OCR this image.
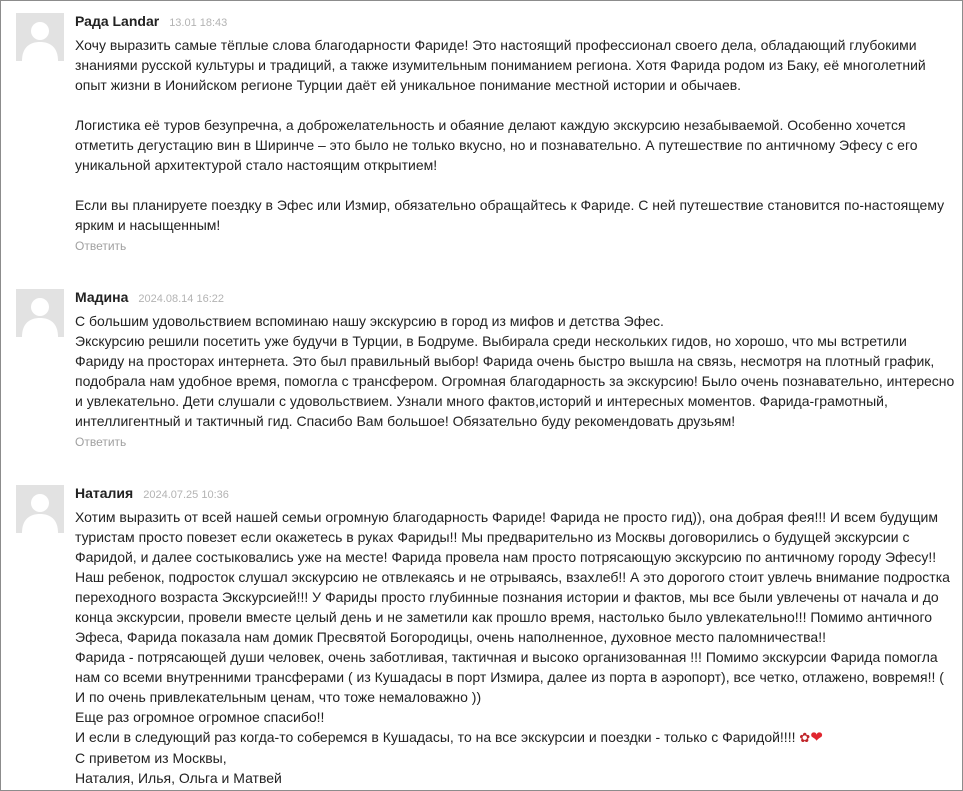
Рада Landar 13.01 18:43

Хочу выразить самые тёплые слова благодарности Фариде! Это настоящий профессионал своего дела, обладающий глубокими знаниями русской культуры и традиций, а также изумительным пониманием региона. Хотя Фарида родом из Баку, её многолетний опыт жизни в Ионийском регионе Турции даёт ей уникальное понимание местной истории и обычаев.

Логистика её туров безупречна, а доброжелательность и обаяние делают каждую экскурсию незабываемой. Особенно хочется отметить дегустацию вин в Ширинче – это было не только вкусно, но и познавательно. А путешествие по античному Эфесу с его уникальной архитектурой стало настоящим открытием!

Если вы планируете поездку в Эфес или Измир, обязательно обращайтесь к Фариде. С ней путешествие становится по-настоящему ярким и насыщенным!

Ответить
Мадина 2024.08.14 16:22

С большим удовольствием вспоминаю нашу экскурсию в город из мифов и детства Эфес.

Экскурсию решили посетить уже будучи в Турции, в Бодруме. Выбирала среди нескольких гидов, но хорошо, что мы встретили Фариду на просторах интернета. Это был правильный выбор! Фарида очень быстро вышла на связь, несмотря на плотный график, подобрала нам удобное время, помогла с трансфером. Огромная благодарность за экскурсию! Было очень познавательно, интересно и увлекательно. Дети слушали с удовольствием. Узнали много фактов,историй и интересных моментов. Фарида-грамотный, интеллигентный и тактичный гид. Спасибо Вам большое! Обязательно буду рекомендовать друзьям!

Ответить
Наталия 2024.07.25 10:36

Хотим выразить от всей нашей семьи огромную благодарность Фариде! Фарида не просто гид)), она добрая фея!!! И всем будущим туристам просто повезет если окажетесь в руках Фариды!! Мы предварительно из Москвы договорились о будущей экскурсии с Фаридой, и далее состыковались уже на месте! Фарида провела нам просто потрясающую экскурсию по античному городу Эфесу!! Наш ребенок, подросток слушал экскурсию не отвлекаясь и не отрываясь, взахлеб!! А это дорогого стоит увлечь внимание подростка переходного возраста Экскурсией!!! У Фариды просто глубинные познания истории и фактов, мы все были увлечены от начала и до конца экскурсии, провели вместе целый день и не заметили как прошло время, настолько было увлекательно!!! Помимо античного Эфеса, Фарида показала нам домик Пресвятой Богородицы, очень наполненное, духовное место паломничества!!

Фарида - потрясающей души человек, очень заботливая, тактичная и высоко организованная !!! Помимо экскурсии Фарида помогла нам со всеми внутренними трансферами ( из Кушадасы в порт Измира, далее из порта в аэропорт), все четко, отлажено, вовремя!! ( И по очень привлекательным ценам, что тоже немаловажно ))

Еще раз огромное огромное спасибо!!

И если в следующий раз когда-то соберемся в Кушадасы, то на все экскурсии и поездки - только с Фаридой!!!! ✿❤

С приветом из Москвы,

Наталия, Илья, Ольга и Матвей
